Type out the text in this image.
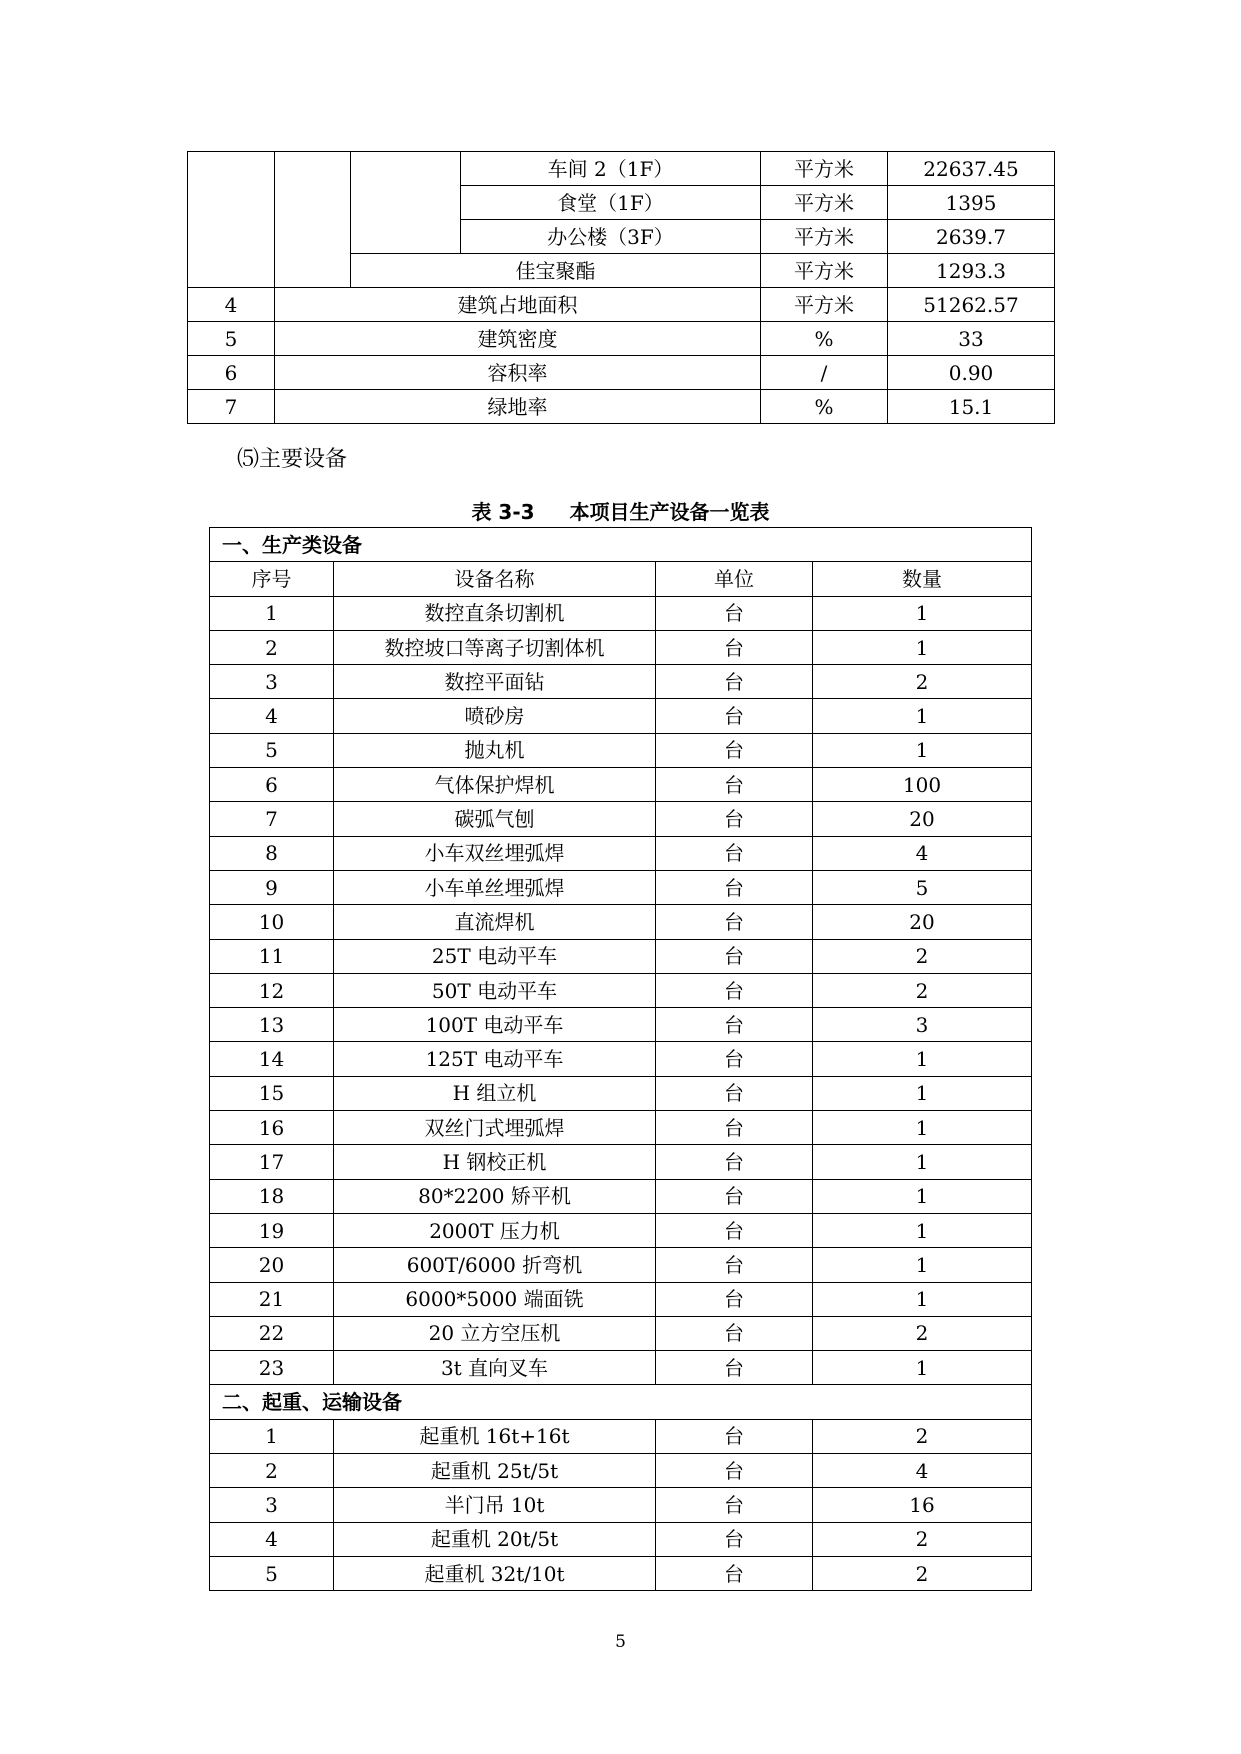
			车间 2（1F）	平方米	22637.45
			食堂（1F）	平方米	1395
			办公楼（3F）	平方米	2639.7
		佳宝聚酯		平方米	1293.3
4	建筑占地面积			平方米	51262.57
5	建筑密度			%	33
6	容积率			/	0.90
7	绿地率			%	15.1
⑸主要设备
表 3-3 本项目生产设备一览表
一、生产类设备			
序号	设备名称	单位	数量
1	数控直条切割机	台	1
2	数控坡口等离子切割体机	台	1
3	数控平面钻	台	2
4	喷砂房	台	1
5	抛丸机	台	1
6	气体保护焊机	台	100
7	碳弧气刨	台	20
8	小车双丝埋弧焊	台	4
9	小车单丝埋弧焊	台	5
10	直流焊机	台	20
11	25T 电动平车	台	2
12	50T 电动平车	台	2
13	100T 电动平车	台	3
14	125T 电动平车	台	1
15	H 组立机	台	1
16	双丝门式埋弧焊	台	1
17	H 钢校正机	台	1
18	80*2200 矫平机	台	1
19	2000T 压力机	台	1
20	600T/6000 折弯机	台	1
21	6000*5000 端面铣	台	1
22	20 立方空压机	台	2
23	3t 直向叉车	台	1
二、起重、运输设备			
1	起重机 16t+16t	台	2
2	起重机 25t/5t	台	4
3	半门吊 10t	台	16
4	起重机 20t/5t	台	2
5	起重机 32t/10t	台	2
5
